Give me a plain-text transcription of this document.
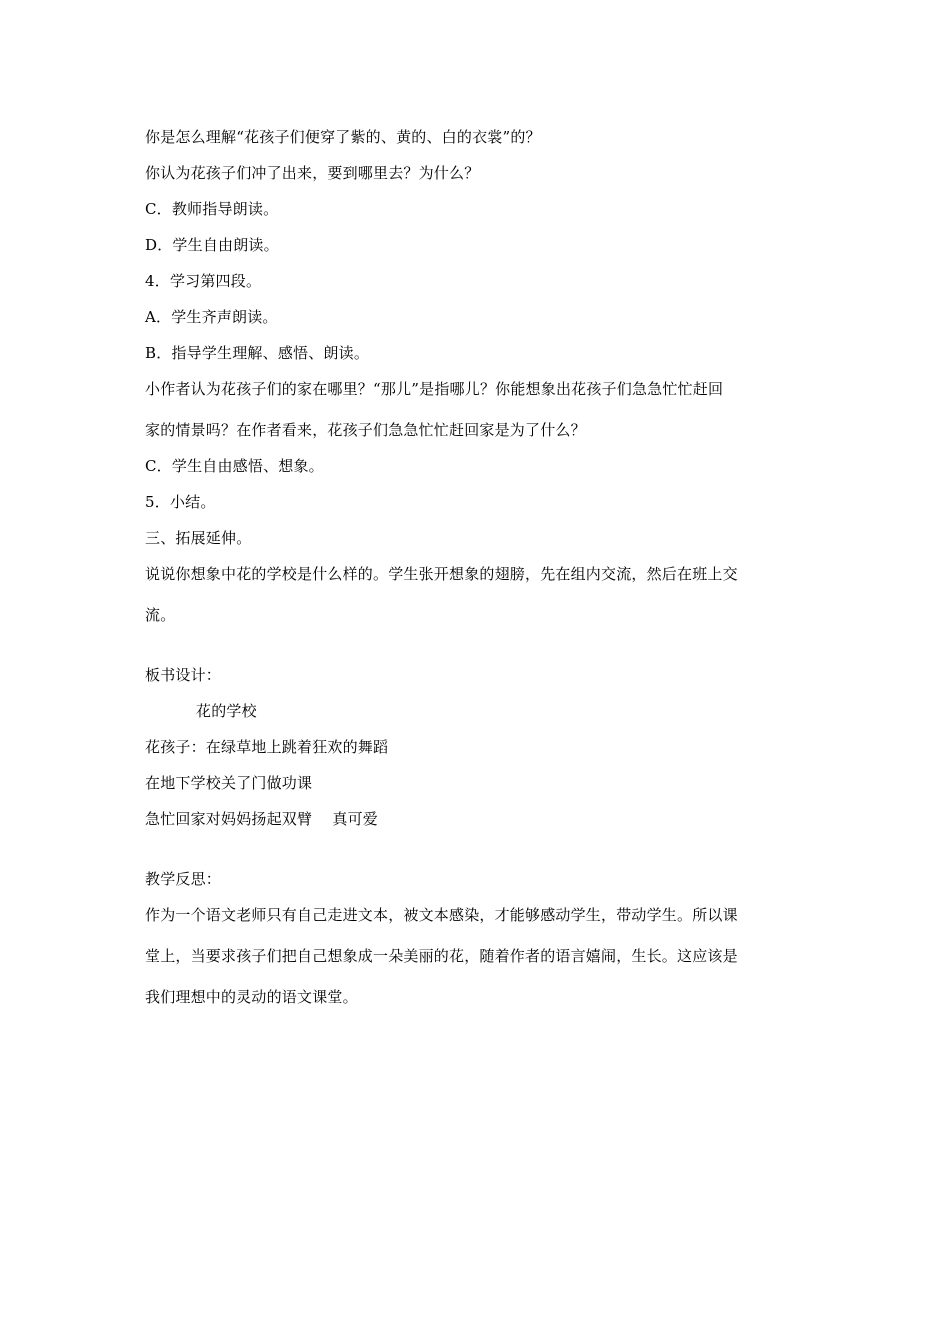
你是怎么理解“花孩子们便穿了紫的、黄的、白的衣裳”的？
你认为花孩子们冲了出来，要到哪里去？为什么？
C．教师指导朗读。
D．学生自由朗读。
4．学习第四段。
A．学生齐声朗读。
B．指导学生理解、感悟、朗读。
小作者认为花孩子们的家在哪里？“那儿”是指哪儿？你能想象出花孩子们急急忙忙赶回
家的情景吗？在作者看来，花孩子们急急忙忙赶回家是为了什么？
C．学生自由感悟、想象。
5．小结。
三、拓展延伸。
说说你想象中花的学校是什么样的。学生张开想象的翅膀，先在组内交流，然后在班上交
流。
板书设计：
花的学校
花孩子：在绿草地上跳着狂欢的舞蹈
在地下学校关了门做功课
急忙回家对妈妈扬起双臂　 真可爱
教学反思：
作为一个语文老师只有自己走进文本，被文本感染，才能够感动学生，带动学生。所以课
堂上，当要求孩子们把自己想象成一朵美丽的花，随着作者的语言嬉闹，生长。这应该是
我们理想中的灵动的语文课堂。
